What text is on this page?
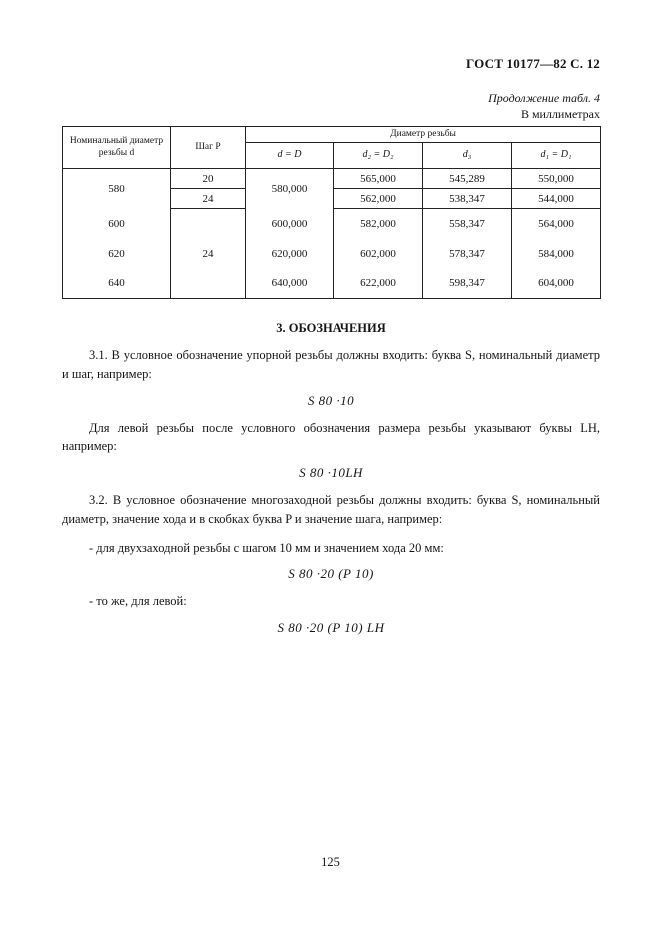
ГОСТ 10177—82 С. 12
Продолжение табл. 4
В миллиметрах
Номинальный диаметр резьбы d	Шаг P	Диаметр резьбы			
		d = D	d₂ = D₂	d₃	d₁ = D₁
580	20	580,000	565,000	545,289	550,000
	24		562,000	538,347	544,000
600	24	600,000	582,000	558,347	564,000
620		620,000	602,000	578,347	584,000
640		640,000	622,000	598,347	604,000
3. ОБОЗНАЧЕНИЯ

3.1. В условное обозначение упорной резьбы должны входить: буква S, номинальный диаметр и шаг, например:

S 80 ·10

Для левой резьбы после условного обозначения размера резьбы указывают буквы LH, например:

S 80 ·10LH

3.2. В условное обозначение многозаходной резьбы должны входить: буква S, номинальный диаметр, значение хода и в скобках буква P и значение шага, например:

- для двухзаходной резьбы с шагом 10 мм и значением хода 20 мм:

S 80 ·20 (P 10)

- то же, для левой:

S 80 ·20 (P 10) LH
125
